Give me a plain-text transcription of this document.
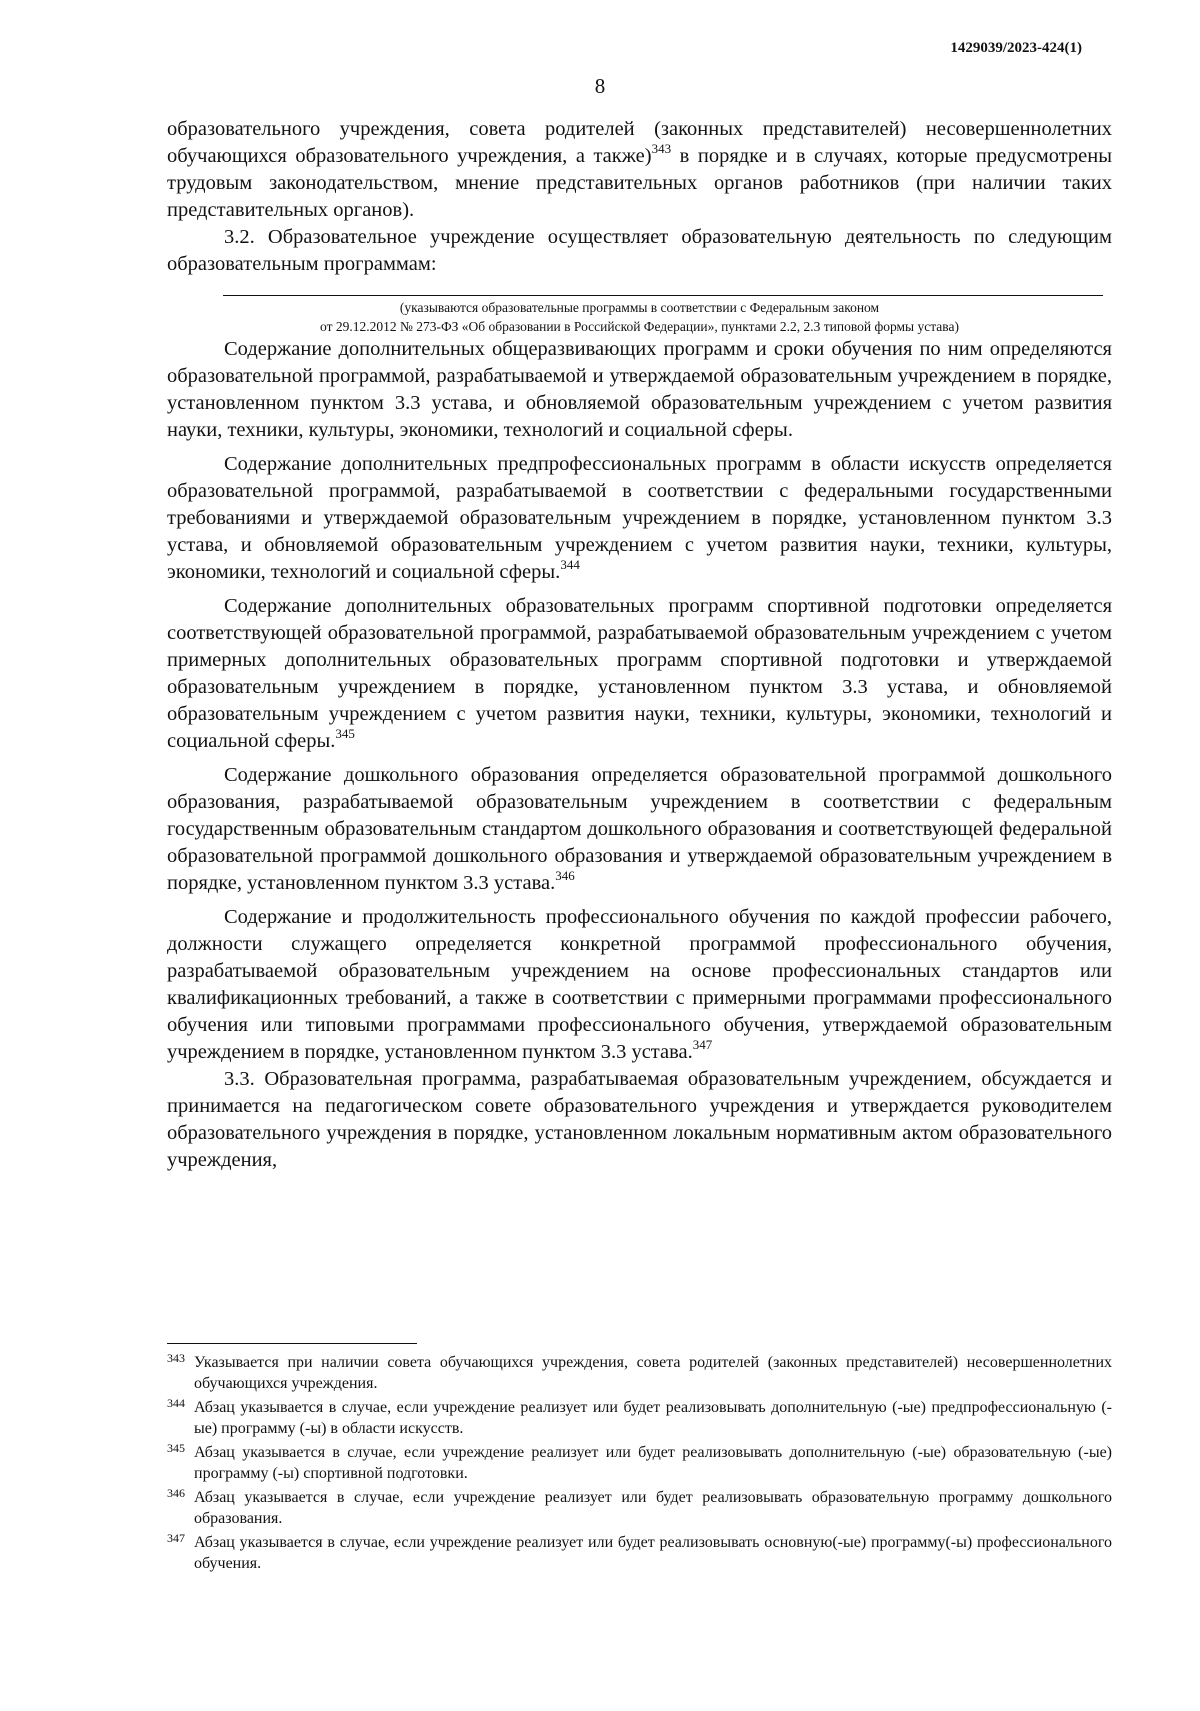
1429039/2023-424(1)
8

образовательного учреждения, совета родителей (законных представителей) несовершеннолетних обучающихся образовательного учреждения, а также)$^{343}$ в порядке и в случаях, которые предусмотрены трудовым законодательством, мнение представительных органов работников (при наличии таких представительных органов).

3.2. Образовательное учреждение осуществляет образовательную деятельность по следующим образовательным программам:

(указываются образовательные программы в соответствии с Федеральным законом
от 29.12.2012 № 273-ФЗ «Об образовании в Российской Федерации», пунктами 2.2, 2.3 типовой формы устава)

Содержание дополнительных общеразвивающих программ и сроки обучения по ним определяются образовательной программой, разрабатываемой и утверждаемой образовательным учреждением в порядке, установленном пунктом 3.3 устава, и обновляемой образовательным учреждением с учетом развития науки, техники, культуры, экономики, технологий и социальной сферы.

Содержание дополнительных предпрофессиональных программ в области искусств определяется образовательной программой, разрабатываемой в соответствии с федеральными государственными требованиями и утверждаемой образовательным учреждением в порядке, установленном пунктом 3.3 устава, и обновляемой образовательным учреждением с учетом развития науки, техники, культуры, экономики, технологий и социальной сферы.$^{344}$

Содержание дополнительных образовательных программ спортивной подготовки определяется соответствующей образовательной программой, разрабатываемой образовательным учреждением с учетом примерных дополнительных образовательных программ спортивной подготовки и утверждаемой образовательным учреждением в порядке, установленном пунктом 3.3 устава, и обновляемой образовательным учреждением с учетом развития науки, техники, культуры, экономики, технологий и социальной сферы.$^{345}$

Содержание дошкольного образования определяется образовательной программой дошкольного образования, разрабатываемой образовательным учреждением в соответствии с федеральным государственным образовательным стандартом дошкольного образования и соответствующей федеральной образовательной программой дошкольного образования и утверждаемой образовательным учреждением в порядке, установленном пунктом 3.3 устава.$^{346}$

Содержание и продолжительность профессионального обучения по каждой профессии рабочего, должности служащего определяется конкретной программой профессионального обучения, разрабатываемой образовательным учреждением на основе профессиональных стандартов или квалификационных требований, а также в соответствии с примерными программами профессионального обучения или типовыми программами профессионального обучения, утверждаемой образовательным учреждением в порядке, установленном пунктом 3.3 устава.$^{347}$

3.3. Образовательная программа, разрабатываемая образовательным учреждением, обсуждается и принимается на педагогическом совете образовательного учреждения и утверждается руководителем образовательного учреждения в порядке, установленном локальным нормативным актом образовательного учреждения,

343 Указывается при наличии совета обучающихся учреждения, совета родителей (законных представителей) несовершеннолетних обучающихся учреждения.
344 Абзац указывается в случае, если учреждение реализует или будет реализовывать дополнительную (-ые) предпрофессиональную (-ые) программу (-ы) в области искусств.
345 Абзац указывается в случае, если учреждение реализует или будет реализовывать дополнительную (-ые) образовательную (-ые) программу (-ы) спортивной подготовки.
346 Абзац указывается в случае, если учреждение реализует или будет реализовывать образовательную программу дошкольного образования.
347 Абзац указывается в случае, если учреждение реализует или будет реализовывать основную(-ые) программу(-ы) профессионального обучения.
